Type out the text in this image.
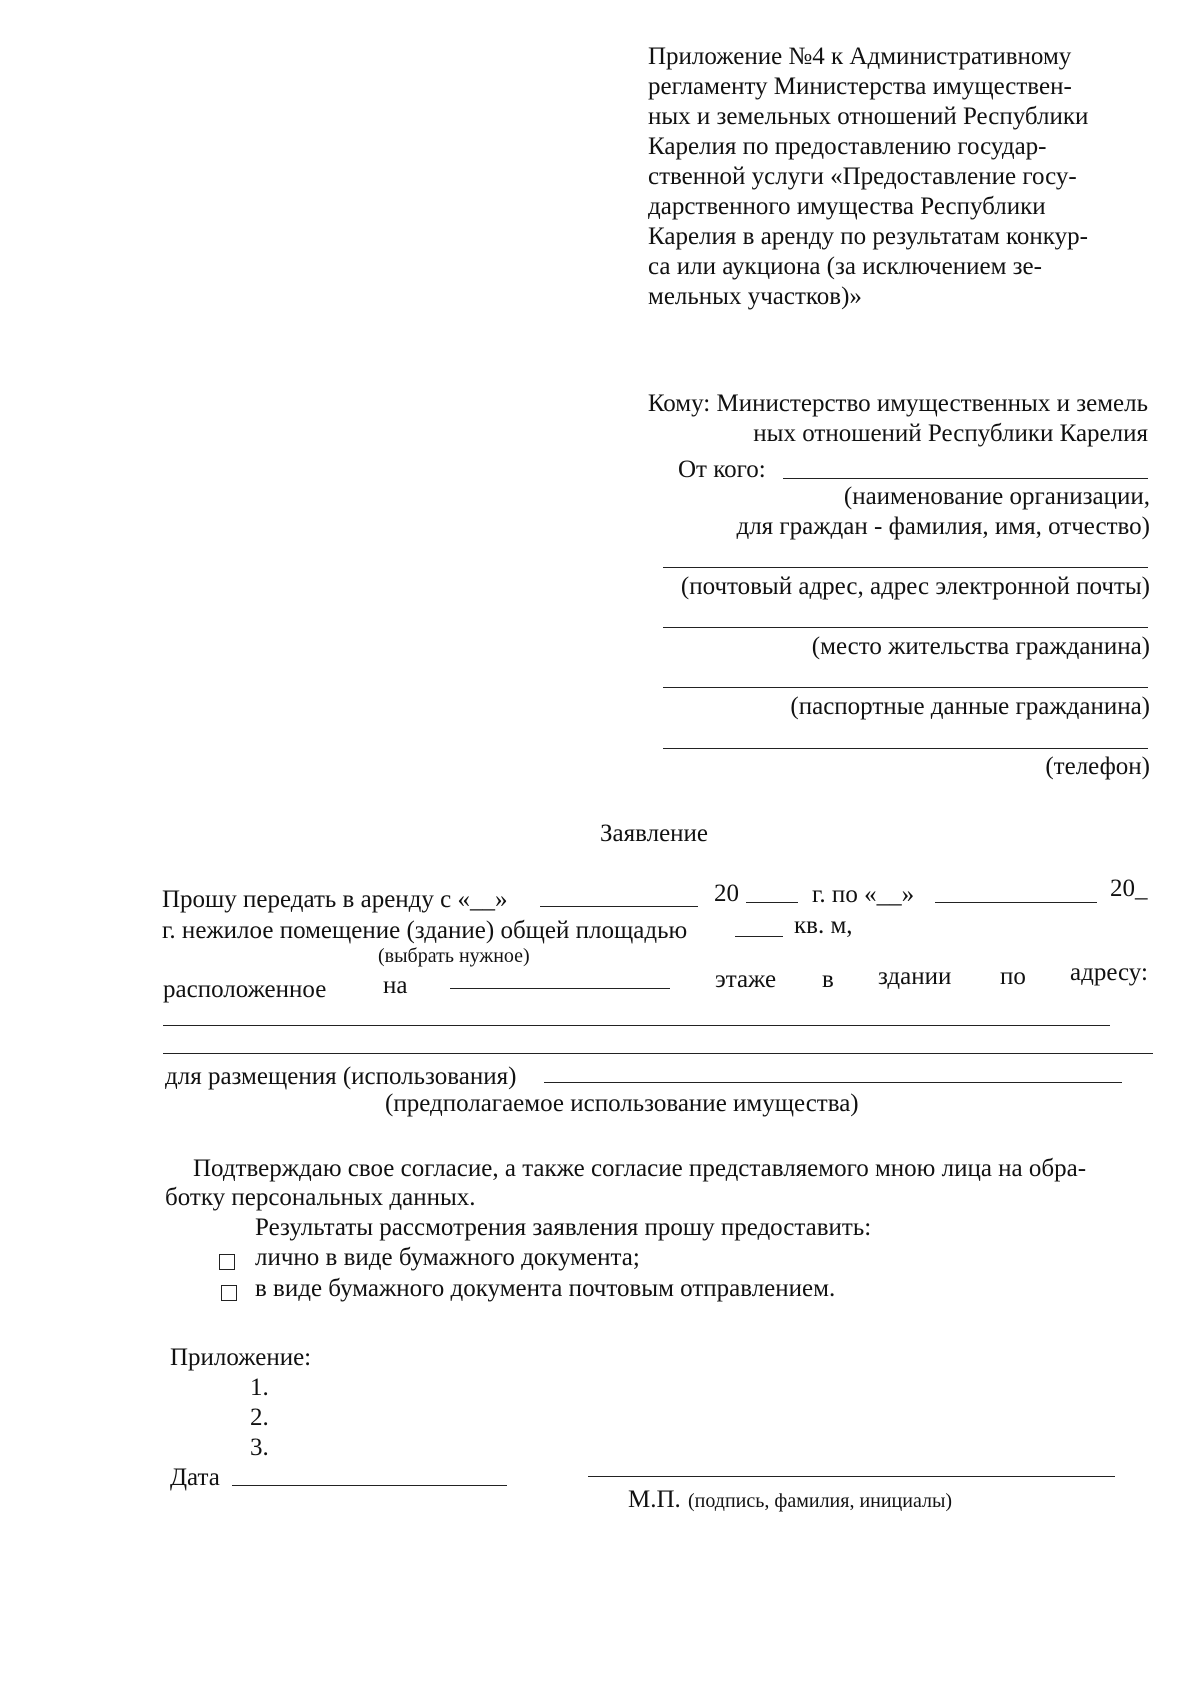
Приложение №4 к Административному
регламенту Министерства имуществен-
ных и земельных отношений Республики
Карелия по предоставлению государ-
ственной услуги «Предоставление госу-
дарственного имущества Республики
Карелия в аренду по результатам конкур-
са или аукциона (за исключением зе-
мельных участков)»
Кому: Министерство имущественных и земель
ных отношений Республики Карелия
От кого:
(наименование организации,
для граждан - фамилия, имя, отчество)
(почтовый адрес, адрес электронной почты)
(место жительства гражданина)
(паспортные данные гражданина)
(телефон)
Заявление
Прошу передать в аренду с «__»	20	г. по «__»	20_
г. нежилое помещение (здание) общей площадью	кв. м,
(выбрать нужное)
расположенное на	этаже в здании по адресу:
для размещения (использования)
(предполагаемое использование имущества)
Подтверждаю свое согласие, а также согласие представляемого мною лица на обра-
ботку персональных данных.
Результаты рассмотрения заявления прошу предоставить:
лично в виде бумажного документа;
в виде бумажного документа почтовым отправлением.
Приложение:
1.
2.
3.
Дата
М.П. (подпись, фамилия, инициалы)
